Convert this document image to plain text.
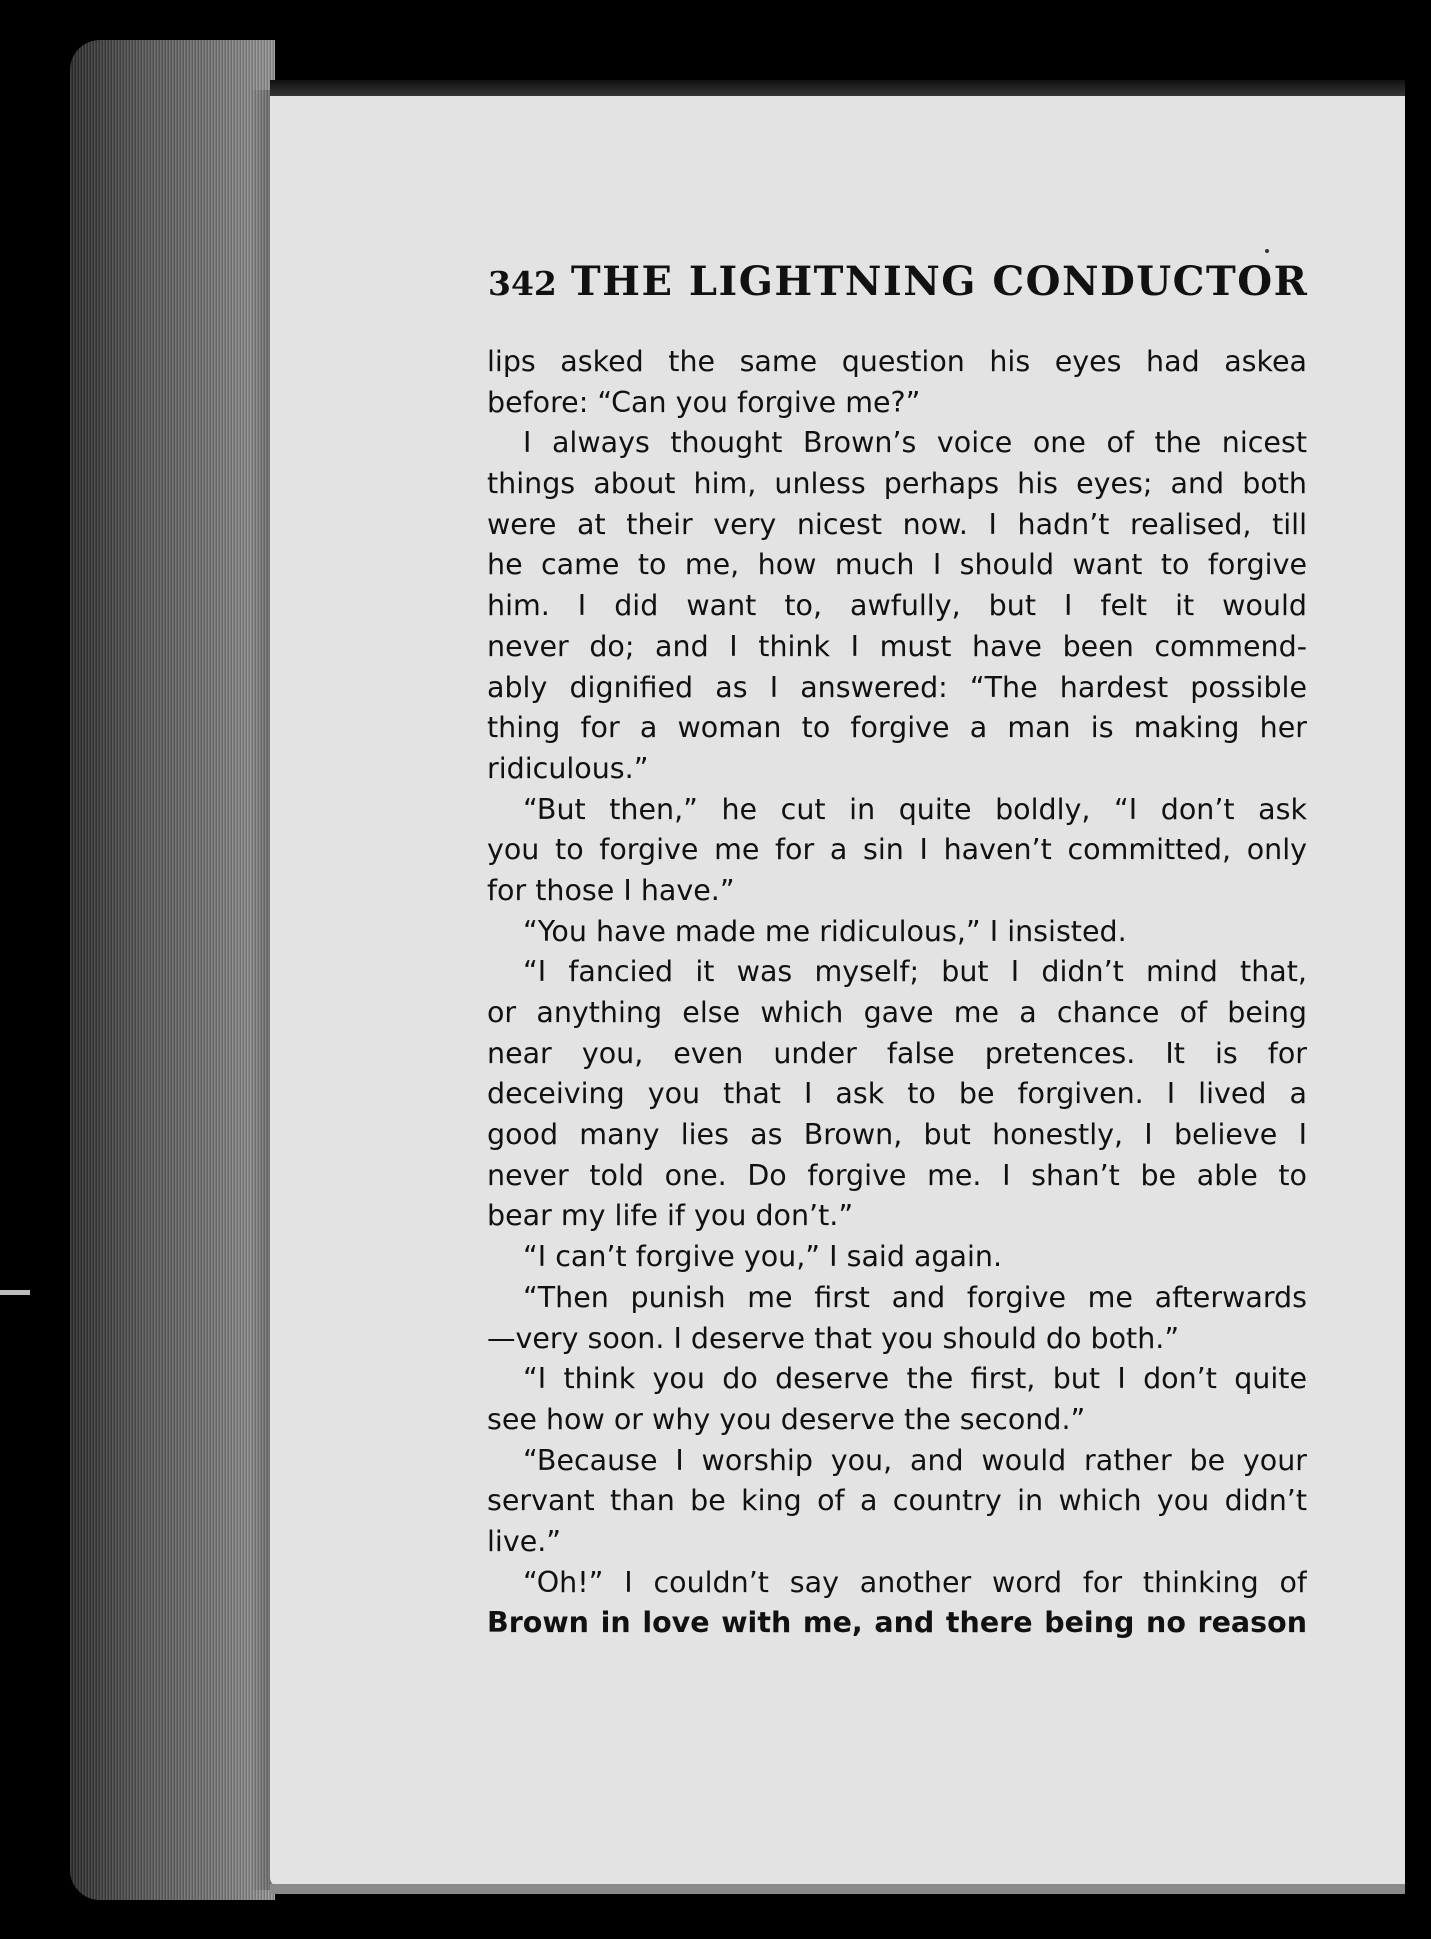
342 THE LIGHTNING CONDUCTOR
lips asked the same question his eyes had askea
before: “Can you forgive me?”
I always thought Brown’s voice one of the nicest
things about him, unless perhaps his eyes; and both
were at their very nicest now. I hadn’t realised, till
he came to me, how much I should want to forgive
him. I did want to, awfully, but I felt it would
never do; and I think I must have been commend-
ably dignified as I answered: “The hardest possible
thing for a woman to forgive a man is making her
ridiculous.”
“But then,” he cut in quite boldly, “I don’t ask
you to forgive me for a sin I haven’t committed, only
for those I have.”
“You have made me ridiculous,” I insisted.
“I fancied it was myself; but I didn’t mind that,
or anything else which gave me a chance of being
near you, even under false pretences. It is for
deceiving you that I ask to be forgiven. I lived a
good many lies as Brown, but honestly, I believe I
never told one. Do forgive me. I shan’t be able to
bear my life if you don’t.”
“I can’t forgive you,” I said again.
“Then punish me first and forgive me afterwards
—very soon. I deserve that you should do both.”
“I think you do deserve the first, but I don’t quite
see how or why you deserve the second.”
“Because I worship you, and would rather be your
servant than be king of a country in which you didn’t
live.”
“Oh!” I couldn’t say another word for thinking of
Brown in love with me, and there being no reason
